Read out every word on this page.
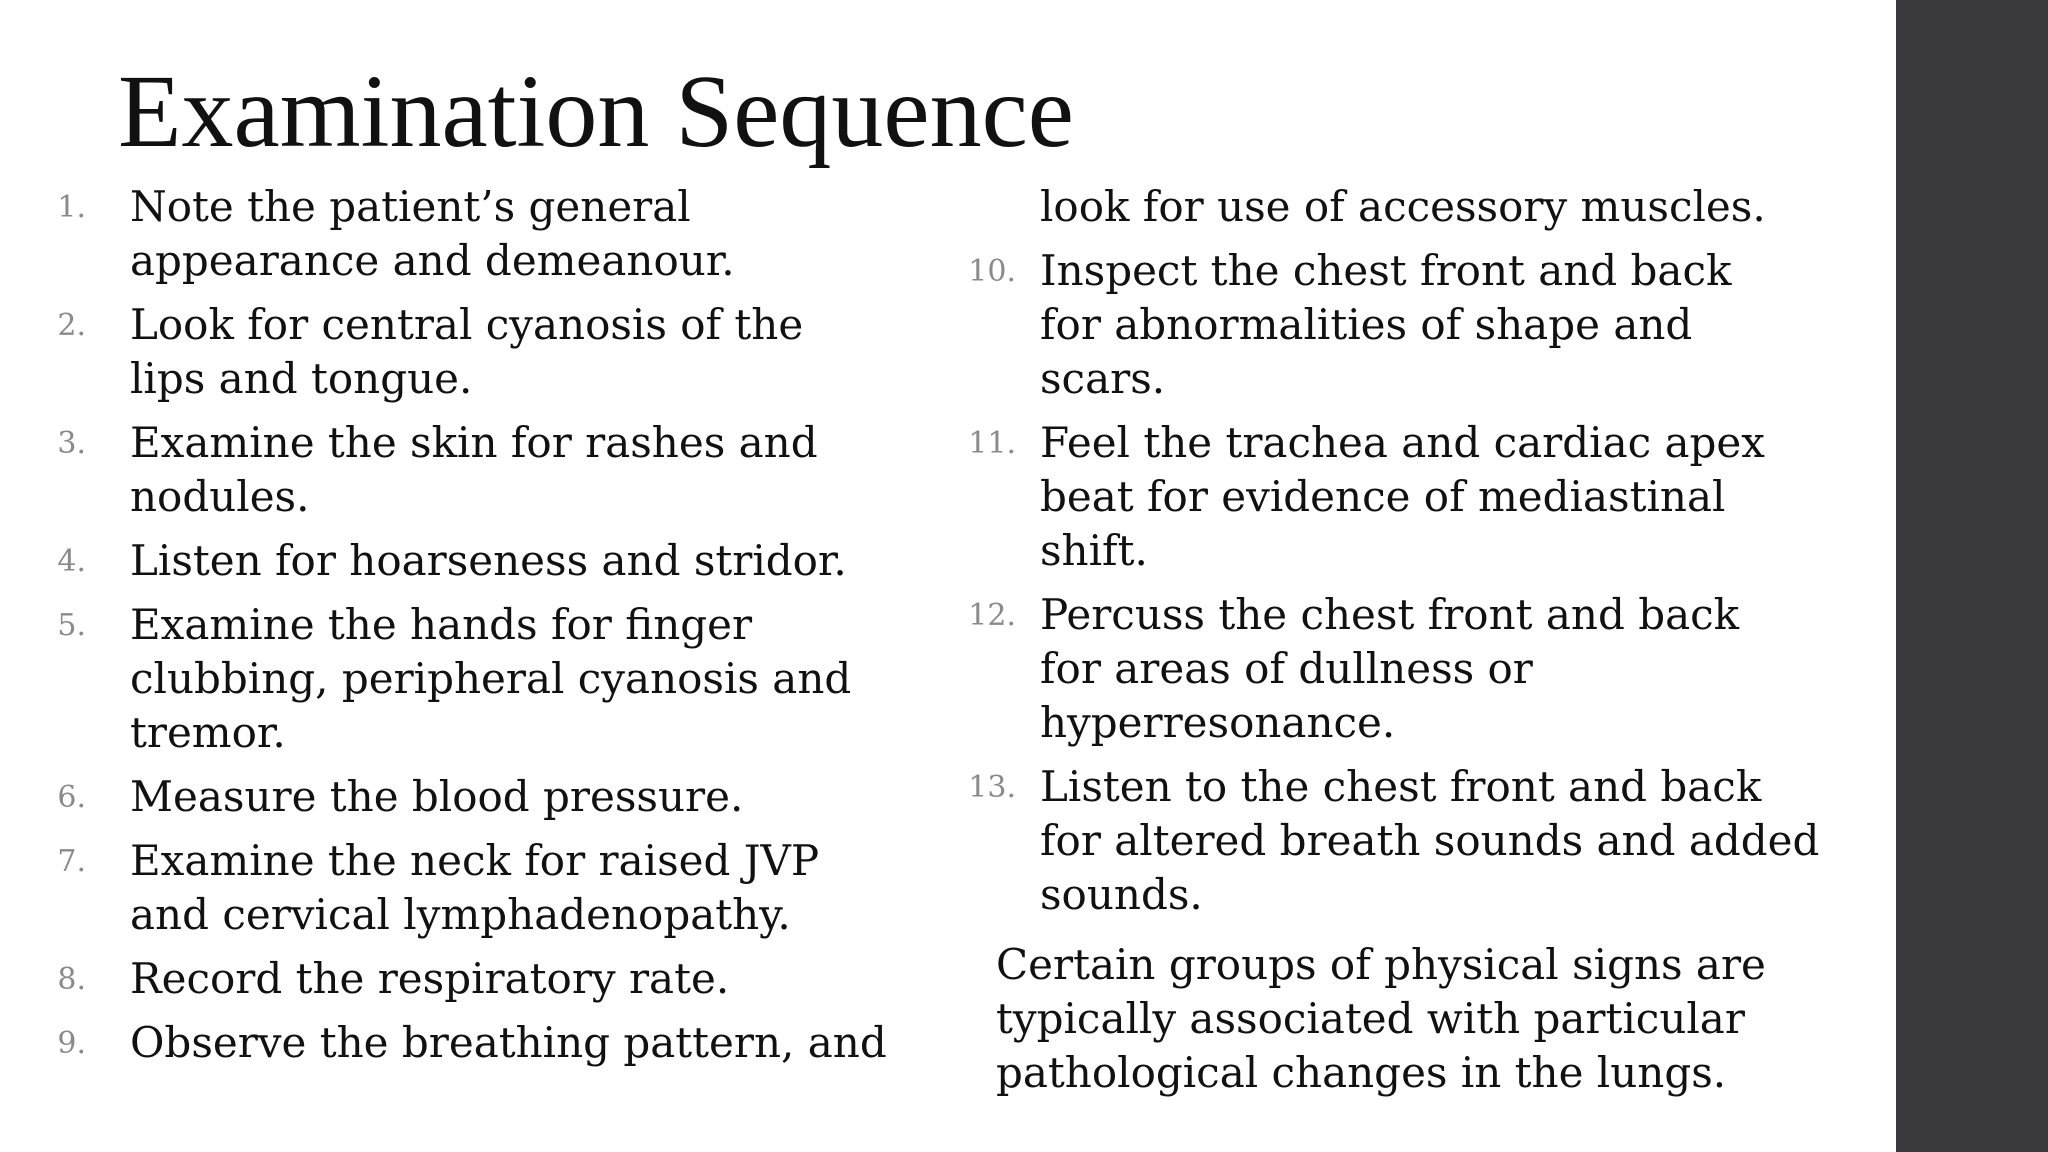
Examination Sequence
1. Note the patient’s general
appearance and demeanour.
2. Look for central cyanosis of the
lips and tongue.
3. Examine the skin for rashes and
nodules.
4. Listen for hoarseness and stridor.
5. Examine the hands for finger
clubbing, peripheral cyanosis and
tremor.
6. Measure the blood pressure.
7. Examine the neck for raised JVP
and cervical lymphadenopathy.
8. Record the respiratory rate.
9. Observe the breathing pattern, and
look for use of accessory muscles.
10. Inspect the chest front and back
for abnormalities of shape and
scars.
11. Feel the trachea and cardiac apex
beat for evidence of mediastinal
shift.
12. Percuss the chest front and back
for areas of dullness or
hyperresonance.
13. Listen to the chest front and back
for altered breath sounds and added
sounds.
Certain groups of physical signs are
typically associated with particular
pathological changes in the lungs.
